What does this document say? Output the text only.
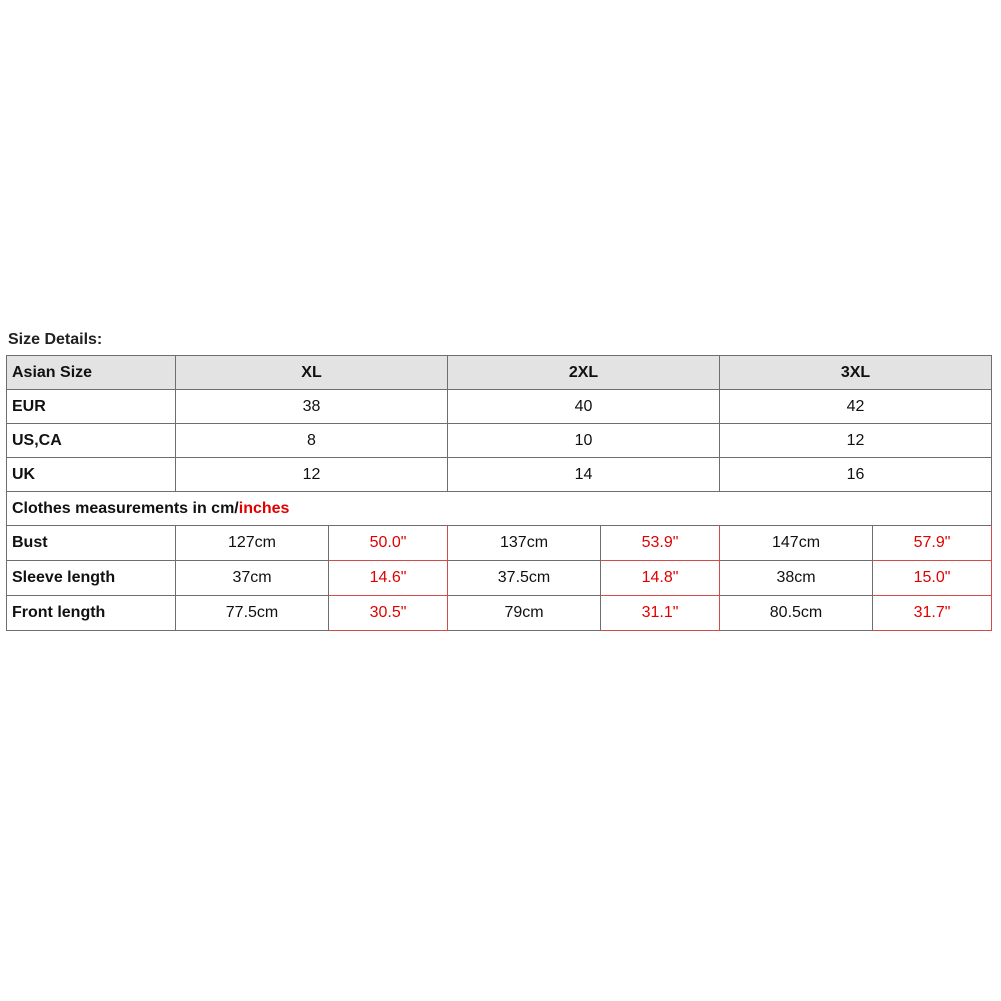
Size Details:
Asian Size	XL		2XL		3XL	
EUR	38		40		42	
US,CA	8		10		12	
UK	12		14		16	
Clothes measurements in cm/inches						
Bust	127cm	50.0"	137cm	53.9"	147cm	57.9"
Sleeve length	37cm	14.6"	37.5cm	14.8"	38cm	15.0"
Front length	77.5cm	30.5"	79cm	31.1"	80.5cm	31.7"
